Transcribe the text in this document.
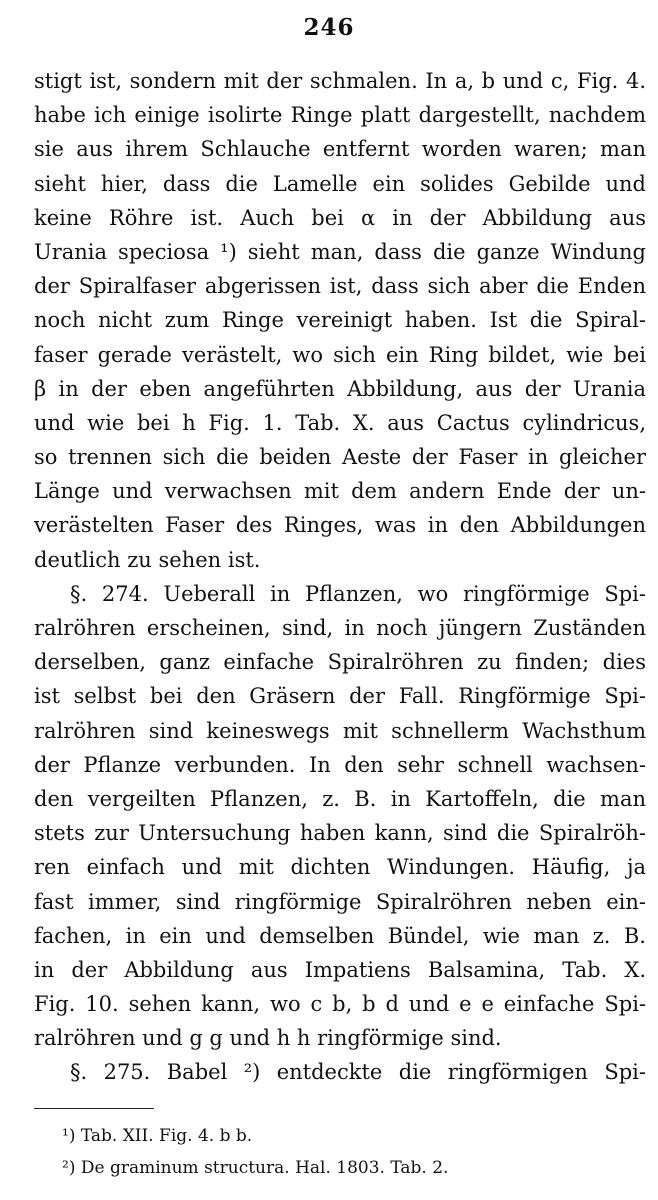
246
stigt ist, sondern mit der schmalen. In a, b und c, Fig. 4.
habe ich einige isolirte Ringe platt dargestellt, nachdem
sie aus ihrem Schlauche entfernt worden waren; man
sieht hier, dass die Lamelle ein solides Gebilde und
keine Röhre ist. Auch bei α in der Abbildung aus
Urania speciosa ¹) sieht man, dass die ganze Windung
der Spiralfaser abgerissen ist, dass sich aber die Enden
noch nicht zum Ringe vereinigt haben. Ist die Spiral-
faser gerade verästelt, wo sich ein Ring bildet, wie bei
β in der eben angeführten Abbildung, aus der Urania
und wie bei h Fig. 1. Tab. X. aus Cactus cylindricus,
so trennen sich die beiden Aeste der Faser in gleicher
Länge und verwachsen mit dem andern Ende der un-
verästelten Faser des Ringes, was in den Abbildungen
deutlich zu sehen ist.
§. 274. Ueberall in Pflanzen, wo ringförmige Spi-
ralröhren erscheinen, sind, in noch jüngern Zuständen
derselben, ganz einfache Spiralröhren zu finden; dies
ist selbst bei den Gräsern der Fall. Ringförmige Spi-
ralröhren sind keineswegs mit schnellerm Wachsthum
der Pflanze verbunden. In den sehr schnell wachsen-
den vergeilten Pflanzen, z. B. in Kartoffeln, die man
stets zur Untersuchung haben kann, sind die Spiralröh-
ren einfach und mit dichten Windungen. Häufig, ja
fast immer, sind ringförmige Spiralröhren neben ein-
fachen, in ein und demselben Bündel, wie man z. B.
in der Abbildung aus Impatiens Balsamina, Tab. X.
Fig. 10. sehen kann, wo c b, b d und e e einfache Spi-
ralröhren und g g und h h ringförmige sind.
§. 275. Babel ²) entdeckte die ringförmigen Spi-
¹) Tab. XII. Fig. 4. b b.
²) De graminum structura. Hal. 1803. Tab. 2.
